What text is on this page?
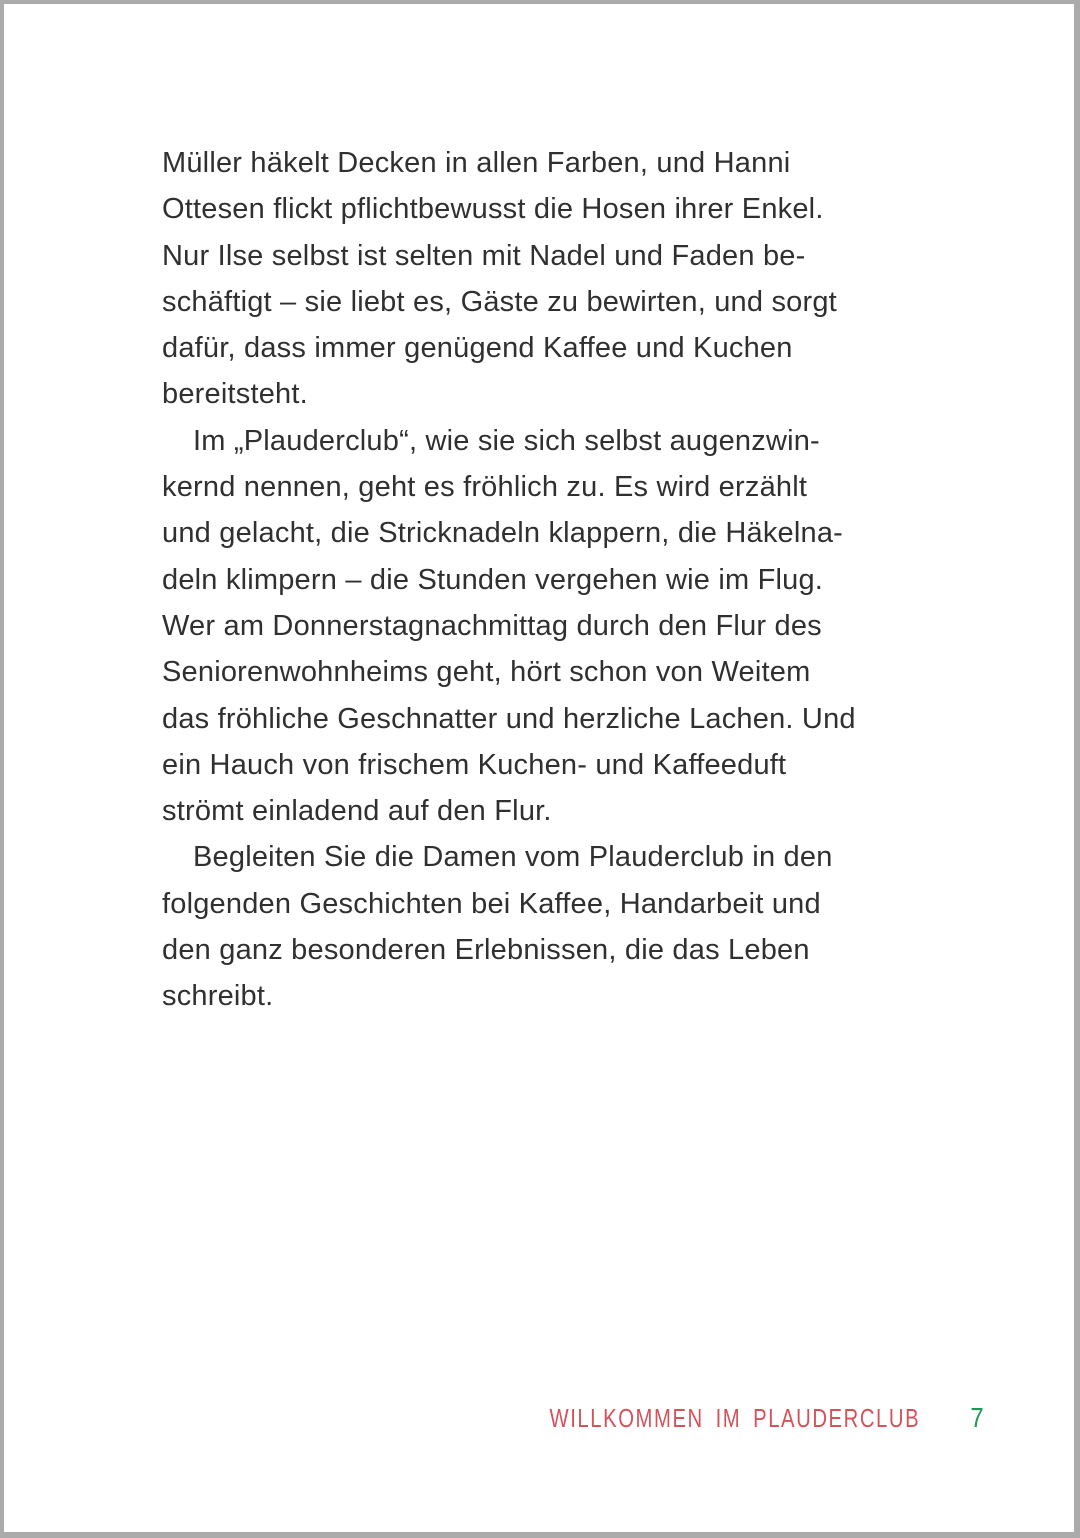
Müller häkelt Decken in allen Farben, und Hanni
Ottesen flickt pflichtbewusst die Hosen ihrer Enkel.
Nur Ilse selbst ist selten mit Nadel und Faden be-
schäftigt – sie liebt es, Gäste zu bewirten, und sorgt
dafür, dass immer genügend Kaffee und Kuchen
bereitsteht.
Im „Plauderclub“, wie sie sich selbst augenzwin-
kernd nennen, geht es fröhlich zu. Es wird erzählt
und gelacht, die Stricknadeln klappern, die Häkelna-
deln klimpern – die Stunden vergehen wie im Flug.
Wer am Donnerstagnachmittag durch den Flur des
Seniorenwohnheims geht, hört schon von Weitem
das fröhliche Geschnatter und herzliche Lachen. Und
ein Hauch von frischem Kuchen- und Kaffeeduft
strömt einladend auf den Flur.
Begleiten Sie die Damen vom Plauderclub in den
folgenden Geschichten bei Kaffee, Handarbeit und
den ganz besonderen Erlebnissen, die das Leben
schreibt.
WILLKOMMEN IM PLAUDERCLUB 7
